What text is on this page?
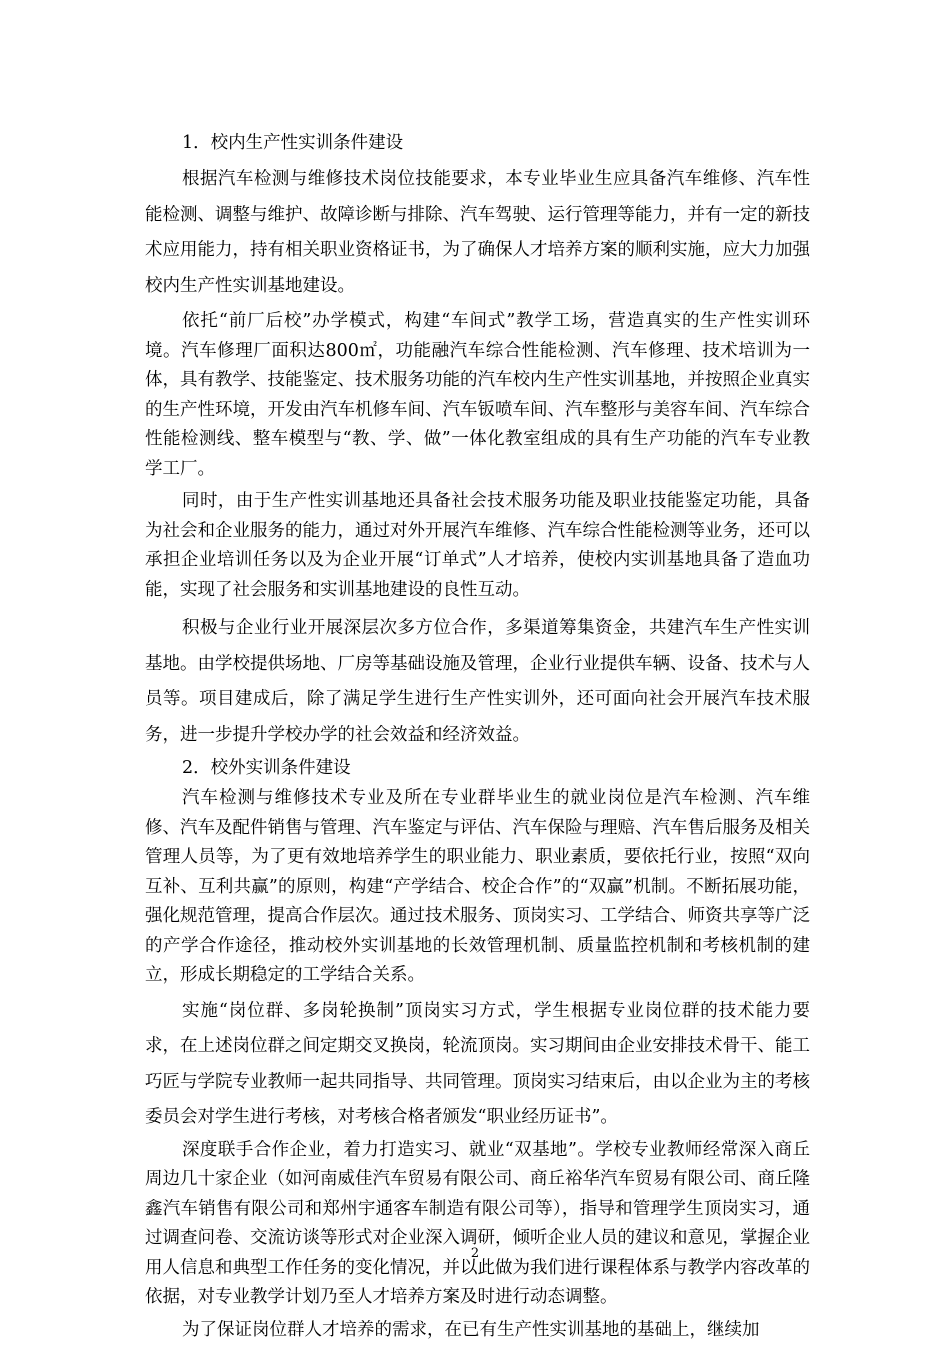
1．校内生产性实训条件建设

根据汽车检测与维修技术岗位技能要求，本专业毕业生应具备汽车维修、汽车性能检测、调整与维护、故障诊断与排除、汽车驾驶、运行管理等能力，并有一定的新技术应用能力，持有相关职业资格证书，为了确保人才培养方案的顺利实施，应大力加强校内生产性实训基地建设。

依托“前厂后校”办学模式，构建“车间式”教学工场，营造真实的生产性实训环境。汽车修理厂面积达800㎡，功能融汽车综合性能检测、汽车修理、技术培训为一体，具有教学、技能鉴定、技术服务功能的汽车校内生产性实训基地，并按照企业真实的生产性环境，开发由汽车机修车间、汽车钣喷车间、汽车整形与美容车间、汽车综合性能检测线、整车模型与“教、学、做”一体化教室组成的具有生产功能的汽车专业教学工厂。

同时，由于生产性实训基地还具备社会技术服务功能及职业技能鉴定功能，具备为社会和企业服务的能力，通过对外开展汽车维修、汽车综合性能检测等业务，还可以承担企业培训任务以及为企业开展“订单式”人才培养，使校内实训基地具备了造血功能，实现了社会服务和实训基地建设的良性互动。

积极与企业行业开展深层次多方位合作，多渠道筹集资金，共建汽车生产性实训基地。由学校提供场地、厂房等基础设施及管理，企业行业提供车辆、设备、技术与人员等。项目建成后，除了满足学生进行生产性实训外，还可面向社会开展汽车技术服务，进一步提升学校办学的社会效益和经济效益。

2．校外实训条件建设

汽车检测与维修技术专业及所在专业群毕业生的就业岗位是汽车检测、汽车维修、汽车及配件销售与管理、汽车鉴定与评估、汽车保险与理赔、汽车售后服务及相关管理人员等，为了更有效地培养学生的职业能力、职业素质，要依托行业，按照“双向互补、互利共赢”的原则，构建“产学结合、校企合作”的“双赢”机制。不断拓展功能，强化规范管理，提高合作层次。通过技术服务、顶岗实习、工学结合、师资共享等广泛的产学合作途径，推动校外实训基地的长效管理机制、质量监控机制和考核机制的建立，形成长期稳定的工学结合关系。

实施“岗位群、多岗轮换制”顶岗实习方式，学生根据专业岗位群的技术能力要求，在上述岗位群之间定期交叉换岗，轮流顶岗。实习期间由企业安排技术骨干、能工巧匠与学院专业教师一起共同指导、共同管理。顶岗实习结束后，由以企业为主的考核委员会对学生进行考核，对考核合格者颁发“职业经历证书”。

深度联手合作企业，着力打造实习、就业“双基地”。学校专业教师经常深入商丘周边几十家企业（如河南威佳汽车贸易有限公司、商丘裕华汽车贸易有限公司、商丘隆鑫汽车销售有限公司和郑州宇通客车制造有限公司等），指导和管理学生顶岗实习，通过调查问卷、交流访谈等形式对企业深入调研，倾听企业人员的建议和意见，掌握企业用人信息和典型工作任务的变化情况，并以此做为我们进行课程体系与教学内容改革的依据，对专业教学计划乃至人才培养方案及时进行动态调整。

为了保证岗位群人才培养的需求，在已有生产性实训基地的基础上，继续加

2
